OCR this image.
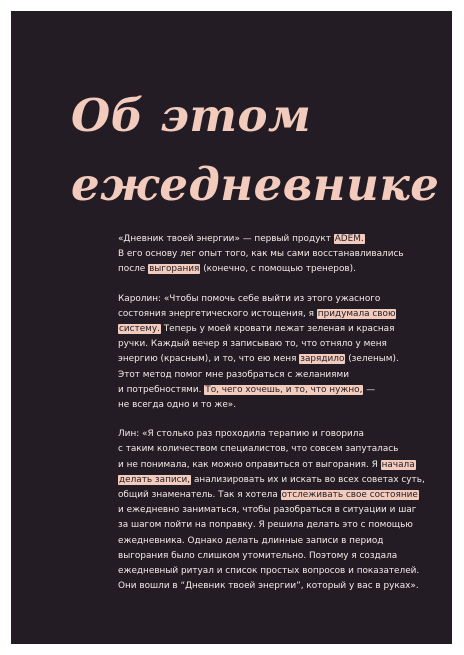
Об этом
ежедневнике

«Дневник твоей энергии» — первый продукт ADEM.
В его основу лег опыт того, как мы сами восстанавливались
после выгорания (конечно, с помощью тренеров).

Каролин: «Чтобы помочь себе выйти из этого ужасного
состояния энергетического истощения, я придумала свою
систему. Теперь у моей кровати лежат зеленая и красная
ручки. Каждый вечер я записываю то, что отняло у меня
энергию (красным), и то, что ею меня зарядило (зеленым).
Этот метод помог мне разобраться с желаниями
и потребностями. То, чего хочешь, и то, что нужно, —
не всегда одно и то же».

Лин: «Я столько раз проходила терапию и говорила
с таким количеством специалистов, что совсем запуталась
и не понимала, как можно оправиться от выгорания. Я начала
делать записи, анализировать их и искать во всех советах суть,
общий знаменатель. Так я хотела отслеживать свое состояние
и ежедневно заниматься, чтобы разобраться в ситуации и шаг
за шагом пойти на поправку. Я решила делать это с помощью
ежедневника. Однако делать длинные записи в период
выгорания было слишком утомительно. Поэтому я создала
ежедневный ритуал и список простых вопросов и показателей.
Они вошли в “Дневник твоей энергии”, который у вас в руках».
